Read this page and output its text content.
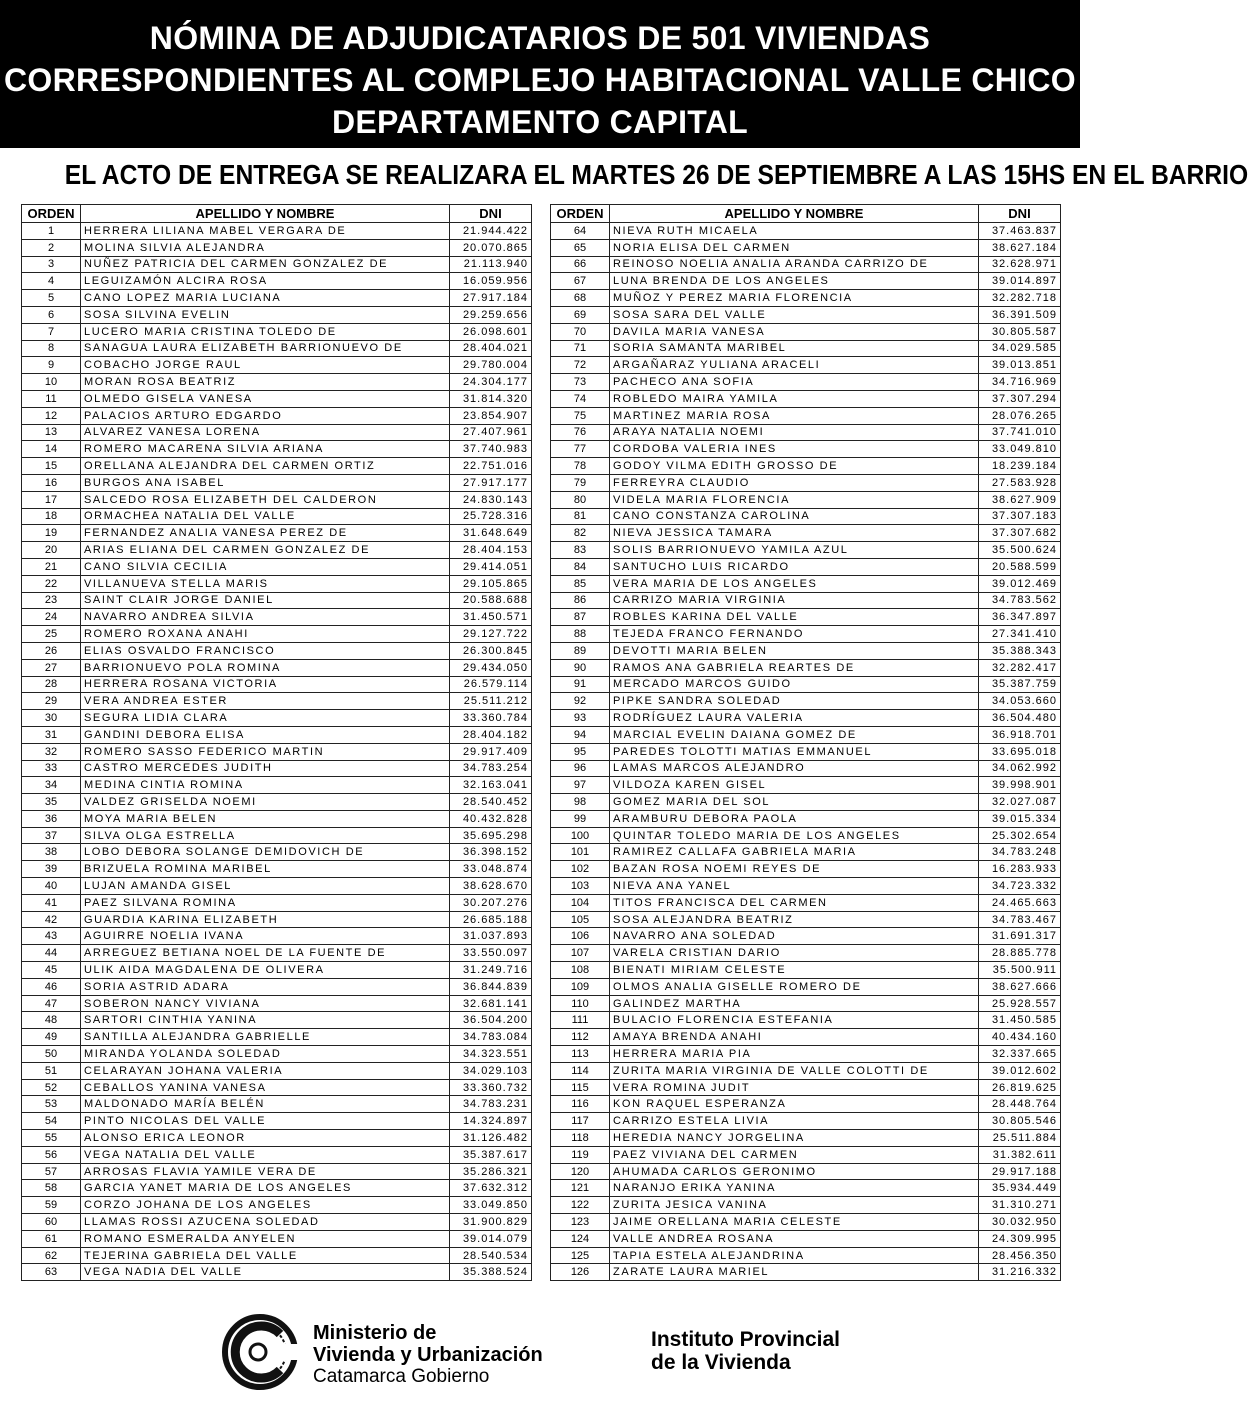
NÓMINA DE ADJUDICATARIOS DE 501 VIVIENDAS
CORRESPONDIENTES AL COMPLEJO HABITACIONAL VALLE CHICO
DEPARTAMENTO CAPITAL
EL ACTO DE ENTREGA SE REALIZARA EL MARTES 26 DE SEPTIEMBRE A LAS 15HS EN EL BARRIO
ORDEN	APELLIDO Y NOMBRE	DNI
1	HERRERA LILIANA MABEL VERGARA DE	21.944.422
2	MOLINA SILVIA ALEJANDRA	20.070.865
3	NUÑEZ PATRICIA DEL CARMEN GONZALEZ DE	21.113.940
4	LEGUIZAMÓN ALCIRA ROSA	16.059.956
5	CANO LOPEZ MARIA LUCIANA	27.917.184
6	SOSA SILVINA EVELIN	29.259.656
7	LUCERO MARIA CRISTINA TOLEDO DE	26.098.601
8	SANAGUA LAURA ELIZABETH BARRIONUEVO DE	28.404.021
9	COBACHO JORGE RAUL	29.780.004
10	MORAN ROSA BEATRIZ	24.304.177
11	OLMEDO GISELA VANESA	31.814.320
12	PALACIOS ARTURO EDGARDO	23.854.907
13	ALVAREZ VANESA LORENA	27.407.961
14	ROMERO MACARENA SILVIA ARIANA	37.740.983
15	ORELLANA ALEJANDRA DEL CARMEN ORTIZ	22.751.016
16	BURGOS ANA ISABEL	27.917.177
17	SALCEDO ROSA ELIZABETH DEL CALDERON	24.830.143
18	ORMACHEA NATALIA DEL VALLE	25.728.316
19	FERNANDEZ ANALIA VANESA PEREZ DE	31.648.649
20	ARIAS ELIANA DEL CARMEN GONZALEZ DE	28.404.153
21	CANO SILVIA CECILIA	29.414.051
22	VILLANUEVA STELLA MARIS	29.105.865
23	SAINT CLAIR JORGE DANIEL	20.588.688
24	NAVARRO ANDREA SILVIA	31.450.571
25	ROMERO ROXANA ANAHI	29.127.722
26	ELIAS OSVALDO FRANCISCO	26.300.845
27	BARRIONUEVO POLA ROMINA	29.434.050
28	HERRERA ROSANA VICTORIA	26.579.114
29	VERA ANDREA ESTER	25.511.212
30	SEGURA LIDIA CLARA	33.360.784
31	GANDINI DEBORA ELISA	28.404.182
32	ROMERO SASSO FEDERICO MARTIN	29.917.409
33	CASTRO MERCEDES JUDITH	34.783.254
34	MEDINA CINTIA ROMINA	32.163.041
35	VALDEZ GRISELDA NOEMI	28.540.452
36	MOYA MARIA BELEN	40.432.828
37	SILVA OLGA ESTRELLA	35.695.298
38	LOBO DEBORA SOLANGE DEMIDOVICH DE	36.398.152
39	BRIZUELA ROMINA MARIBEL	33.048.874
40	LUJAN AMANDA GISEL	38.628.670
41	PAEZ SILVANA ROMINA	30.207.276
42	GUARDIA KARINA ELIZABETH	26.685.188
43	AGUIRRE NOELIA IVANA	31.037.893
44	ARREGUEZ BETIANA NOEL DE LA FUENTE DE	33.550.097
45	ULIK AIDA MAGDALENA DE OLIVERA	31.249.716
46	SORIA ASTRID ADARA	36.844.839
47	SOBERON NANCY VIVIANA	32.681.141
48	SARTORI CINTHIA YANINA	36.504.200
49	SANTILLA ALEJANDRA GABRIELLE	34.783.084
50	MIRANDA YOLANDA SOLEDAD	34.323.551
51	CELARAYAN JOHANA VALERIA	34.029.103
52	CEBALLOS YANINA VANESA	33.360.732
53	MALDONADO MARÍA BELÉN	34.783.231
54	PINTO NICOLAS DEL VALLE	14.324.897
55	ALONSO ERICA LEONOR	31.126.482
56	VEGA NATALIA DEL VALLE	35.387.617
57	ARROSAS FLAVIA YAMILE VERA DE	35.286.321
58	GARCIA YANET MARIA DE LOS ANGELES	37.632.312
59	CORZO JOHANA DE LOS ANGELES	33.049.850
60	LLAMAS ROSSI AZUCENA SOLEDAD	31.900.829
61	ROMANO ESMERALDA ANYELEN	39.014.079
62	TEJERINA GABRIELA DEL VALLE	28.540.534
63	VEGA NADIA DEL VALLE	35.388.524
ORDEN	APELLIDO Y NOMBRE	DNI
64	NIEVA RUTH MICAELA	37.463.837
65	NORIA ELISA DEL CARMEN	38.627.184
66	REINOSO NOELIA ANALIA ARANDA CARRIZO DE	32.628.971
67	LUNA BRENDA DE LOS ANGELES	39.014.897
68	MUÑOZ Y PEREZ MARIA FLORENCIA	32.282.718
69	SOSA SARA DEL VALLE	36.391.509
70	DAVILA MARIA VANESA	30.805.587
71	SORIA SAMANTA MARIBEL	34.029.585
72	ARGAÑARAZ YULIANA ARACELI	39.013.851
73	PACHECO ANA SOFIA	34.716.969
74	ROBLEDO MAIRA YAMILA	37.307.294
75	MARTINEZ MARIA ROSA	28.076.265
76	ARAYA NATALIA NOEMI	37.741.010
77	CORDOBA VALERIA INES	33.049.810
78	GODOY VILMA EDITH GROSSO DE	18.239.184
79	FERREYRA CLAUDIO	27.583.928
80	VIDELA MARIA FLORENCIA	38.627.909
81	CANO CONSTANZA CAROLINA	37.307.183
82	NIEVA JESSICA TAMARA	37.307.682
83	SOLIS BARRIONUEVO YAMILA AZUL	35.500.624
84	SANTUCHO LUIS RICARDO	20.588.599
85	VERA MARIA DE LOS ANGELES	39.012.469
86	CARRIZO MARIA VIRGINIA	34.783.562
87	ROBLES KARINA DEL VALLE	36.347.897
88	TEJEDA FRANCO FERNANDO	27.341.410
89	DEVOTTI MARIA BELEN	35.388.343
90	RAMOS ANA GABRIELA REARTES DE	32.282.417
91	MERCADO MARCOS GUIDO	35.387.759
92	PIPKE SANDRA SOLEDAD	34.053.660
93	RODRÍGUEZ LAURA VALERIA	36.504.480
94	MARCIAL EVELIN DAIANA GOMEZ DE	36.918.701
95	PAREDES TOLOTTI MATIAS EMMANUEL	33.695.018
96	LAMAS MARCOS ALEJANDRO	34.062.992
97	VILDOZA KAREN GISEL	39.998.901
98	GOMEZ MARIA DEL SOL	32.027.087
99	ARAMBURU DEBORA PAOLA	39.015.334
100	QUINTAR TOLEDO MARIA DE LOS ANGELES	25.302.654
101	RAMIREZ CALLAFA GABRIELA MARIA	34.783.248
102	BAZAN ROSA NOEMI REYES DE	16.283.933
103	NIEVA ANA YANEL	34.723.332
104	TITOS FRANCISCA DEL CARMEN	24.465.663
105	SOSA ALEJANDRA BEATRIZ	34.783.467
106	NAVARRO ANA SOLEDAD	31.691.317
107	VARELA CRISTIAN DARIO	28.885.778
108	BIENATI MIRIAM CELESTE	35.500.911
109	OLMOS ANALIA GISELLE ROMERO DE	38.627.666
110	GALINDEZ MARTHA	25.928.557
111	BULACIO FLORENCIA ESTEFANIA	31.450.585
112	AMAYA BRENDA ANAHI	40.434.160
113	HERRERA MARIA PIA	32.337.665
114	ZURITA MARIA VIRGINIA DE VALLE COLOTTI DE	39.012.602
115	VERA ROMINA JUDIT	26.819.625
116	KON RAQUEL ESPERANZA	28.448.764
117	CARRIZO ESTELA LIVIA	30.805.546
118	HEREDIA NANCY JORGELINA	25.511.884
119	PAEZ VIVIANA DEL CARMEN	31.382.611
120	AHUMADA CARLOS GERONIMO	29.917.188
121	NARANJO ERIKA YANINA	35.934.449
122	ZURITA JESICA VANINA	31.310.271
123	JAIME ORELLANA MARIA CELESTE	30.032.950
124	VALLE ANDREA ROSANA	24.309.995
125	TAPIA ESTELA ALEJANDRINA	28.456.350
126	ZARATE LAURA MARIEL	31.216.332
Ministerio de
Vivienda y Urbanización
Catamarca Gobierno
Instituto Provincial
de la Vivienda
